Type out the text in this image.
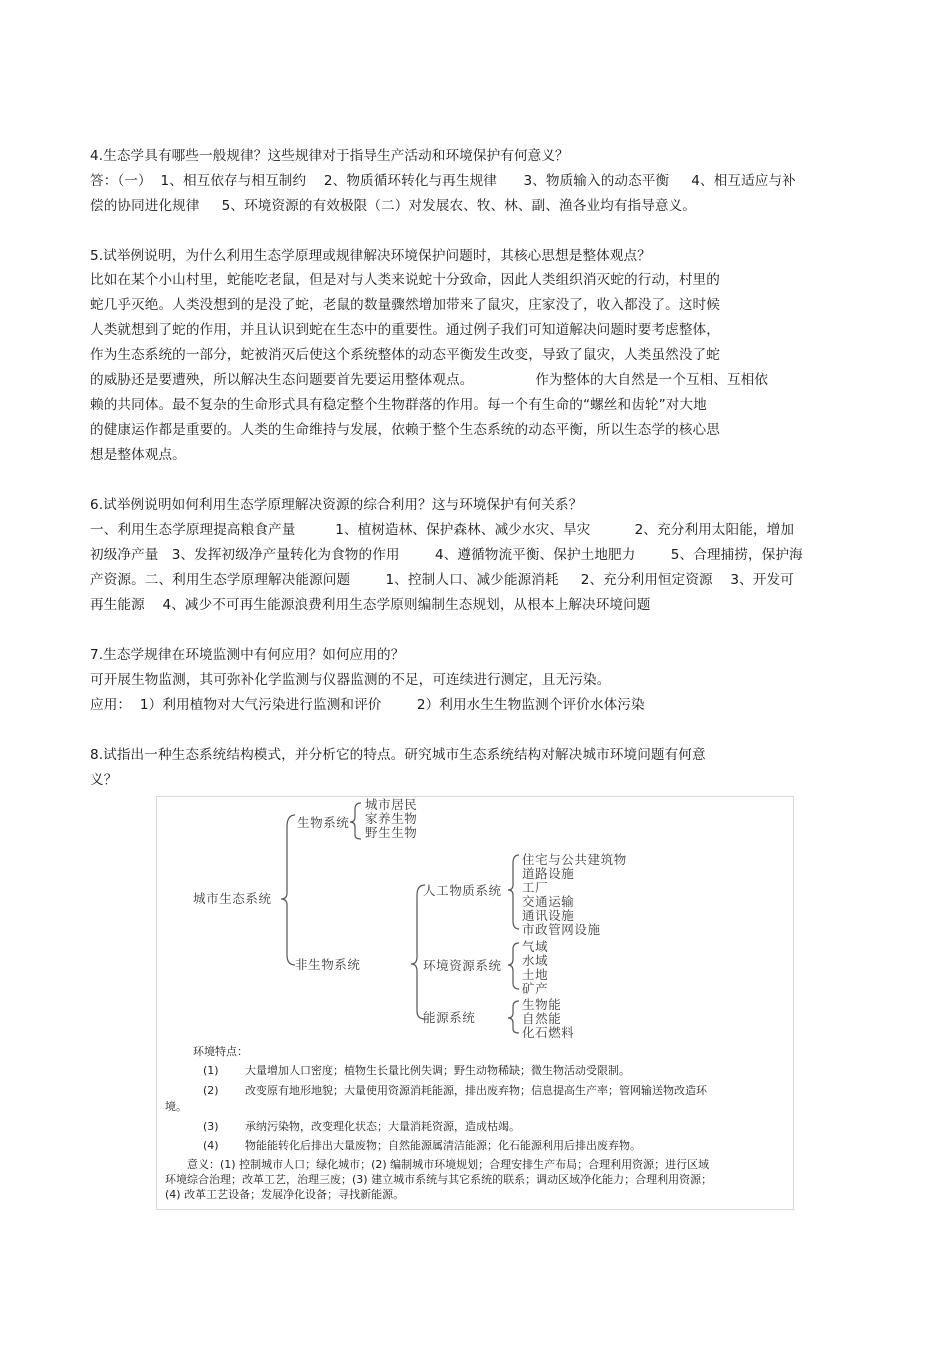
4.生态学具有哪些一般规律？这些规律对于指导生产活动和环境保护有何意义？
答：（一）  1、相互依存与相互制约    2、物质循环转化与再生规律      3、物质输入的动态平衡     4、相互适应与补
偿的协同进化规律     5、环境资源的有效极限（二）对发展农、牧、林、副、渔各业均有指导意义。
5.试举例说明，为什么利用生态学原理或规律解决环境保护问题时，其核心思想是整体观点？
比如在某个小山村里，蛇能吃老鼠，但是对与人类来说蛇十分致命，因此人类组织消灭蛇的行动，村里的
蛇几乎灭绝。人类没想到的是没了蛇，老鼠的数量骤然增加带来了鼠灾，庄家没了，收入都没了。这时候
人类就想到了蛇的作用，并且认识到蛇在生态中的重要性。通过例子我们可知道解决问题时要考虑整体，
作为生态系统的一部分，蛇被消灭后使这个系统整体的动态平衡发生改变，导致了鼠灾，人类虽然没了蛇
的威胁还是要遭殃，所以解决生态问题要首先要运用整体观点。              作为整体的大自然是一个互相、互相依
赖的共同体。最不复杂的生命形式具有稳定整个生物群落的作用。每一个有生命的“螺丝和齿轮”对大地
的健康运作都是重要的。人类的生命维持与发展，依赖于整个生态系统的动态平衡，所以生态学的核心思
想是整体观点。
6.试举例说明如何利用生态学原理解决资源的综合利用？这与环境保护有何关系？
一、利用生态学原理提高粮食产量         1、植树造林、保护森林、减少水灾、旱灾          2、充分利用太阳能，增加
初级净产量   3、发挥初级净产量转化为食物的作用        4、遵循物流平衡、保护土地肥力        5、合理捕捞，保护海
产资源。二、利用生态学原理解决能源问题        1、控制人口、减少能源消耗     2、充分利用恒定资源    3、开发可
再生能源    4、减少不可再生能源浪费利用生态学原则编制生态规划，从根本上解决环境问题
7.生态学规律在环境监测中有何应用？如何应用的？
可开展生物监测，其可弥补化学监测与仪器监测的不足，可连续进行测定，且无污染。
应用：  1）利用植物对大气污染进行监测和评价        2）利用水生生物监测个评价水体污染
8.试指出一种生态系统结构模式，并分析它的特点。研究城市生态系统结构对解决城市环境问题有何意
义？
城市生态系统
生物系统
城市居民
家养生物
野生生物
非生物系统
人工物质系统
住宅与公共建筑物
道路设施
工厂
交通运输
通讯设施
市政管网设施
环境资源系统
气域
水域
土地
矿产
能源系统
生物能
自然能
化石燃料
环境特点：
(1) 大量增加人口密度；植物生长量比例失调；野生动物稀缺；微生物活动受限制。
(2) 改变原有地形地貌；大量使用资源消耗能源，排出废弃物；信息提高生产率；管网输送物改造环
境。
(3) 承纳污染物，改变理化状态；大量消耗资源，造成枯竭。
(4) 物能能转化后排出大量废物；自然能源属清洁能源；化石能源利用后排出废弃物。
意义：(1) 控制城市人口；绿化城市；(2) 编制城市环境规划；合理安排生产布局；合理利用资源；进行区域
环境综合治理；改革工艺，治理三废；(3) 建立城市系统与其它系统的联系；调动区域净化能力；合理利用资源；
(4) 改革工艺设备；发展净化设备；寻找新能源。
